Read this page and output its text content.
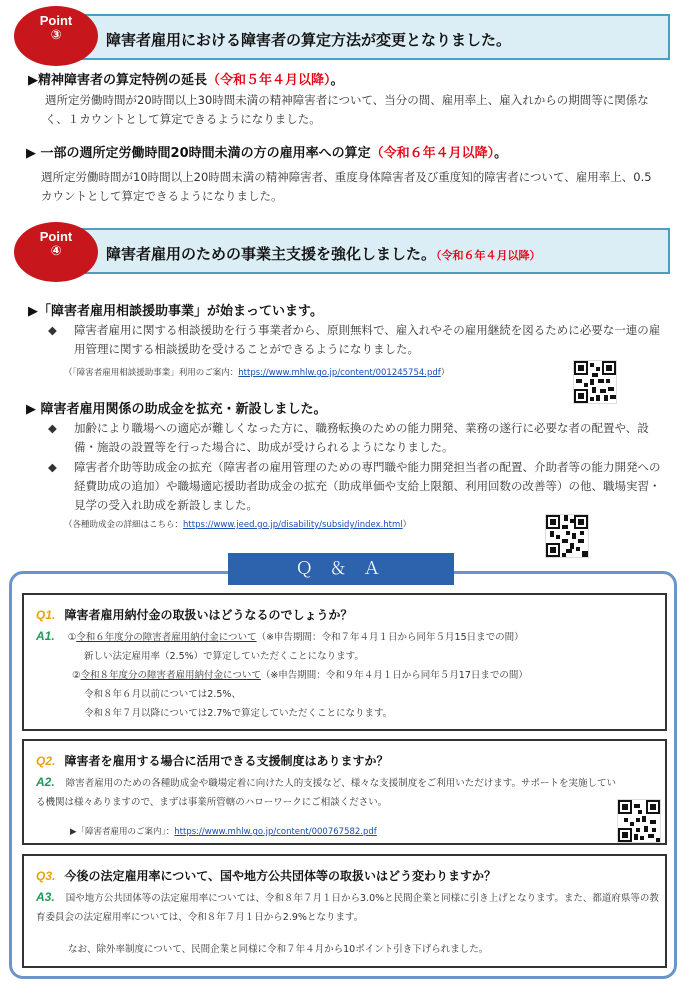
障害者雇用における障害者の算定方法が変更となりました。
Point
③
▶精神障害者の算定特例の延長（令和５年４月以降）。
週所定労働時間が20時間以上30時間未満の精神障害者について、当分の間、雇用率上、雇入れからの期間等に関係なく、１カウントとして算定できるようになりました。
▶ 一部の週所定労働時間20時間未満の方の雇用率への算定（令和６年４月以降）。
週所定労働時間が10時間以上20時間未満の精神障害者、重度身体障害者及び重度知的障害者について、雇用率上、0.5カウントとして算定できるようになりました。
障害者雇用のための事業主支援を強化しました。（令和６年４月以降）
Point
④
▶「障害者雇用相談援助事業」が始まっています。
◆	障害者雇用に関する相談援助を行う事業者から、原則無料で、雇入れやその雇用継続を図るために必要な一連の雇用管理に関する相談援助を受けることができるようになりました。
（「障害者雇用相談援助事業」利用のご案内：https://www.mhlw.go.jp/content/001245754.pdf）
▶ 障害者雇用関係の助成金を拡充・新設しました。
◆	加齢により職場への適応が難しくなった方に、職務転換のための能力開発、業務の遂行に必要な者の配置や、設備・施設の設置等を行った場合に、助成が受けられるようになりました。
◆	障害者介助等助成金の拡充（障害者の雇用管理のための専門職や能力開発担当者の配置、介助者等の能力開発への経費助成の追加）や職場適応援助者助成金の拡充（助成単価や支給上限額、利用回数の改善等）の他、職場実習・見学の受入れ助成を新設しました。
（各種助成金の詳細はこちら：https://www.jeed.go.jp/disability/subsidy/index.html）
Ｑ ＆ Ａ
Q1. 障害者雇用納付金の取扱いはどうなるのでしょうか？
A1. ①令和６年度分の障害者雇用納付金について（※申告期間：令和７年４月１日から同年５月15日までの間）
新しい法定雇用率（2.5%）で算定していただくことになります。
②令和８年度分の障害者雇用納付金について（※申告期間：令和９年４月１日から同年５月17日までの間）
令和８年６月以前については2.5%、
令和８年７月以降については2.7%で算定していただくことになります。
Q2. 障害者を雇用する場合に活用できる支援制度はありますか？
A2. 障害者雇用のための各種助成金や職場定着に向けた人的支援など、様々な支援制度をご利用いただけます。サポートを実施している機関は様々ありますので、まずは事業所管轄のハローワークにご相談ください。
▶「障害者雇用のご案内」：https://www.mhlw.go.jp/content/000767582.pdf
Q3. 今後の法定雇用率について、国や地方公共団体等の取扱いはどう変わりますか？
A3. 国や地方公共団体等の法定雇用率については、令和８年７月１日から3.0%と民間企業と同様に引き上げとなります。また、都道府県等の教育委員会の法定雇用率については、令和８年７月１日から2.9%となります。
なお、除外率制度について、民間企業と同様に令和７年４月から10ポイント引き下げられました。
